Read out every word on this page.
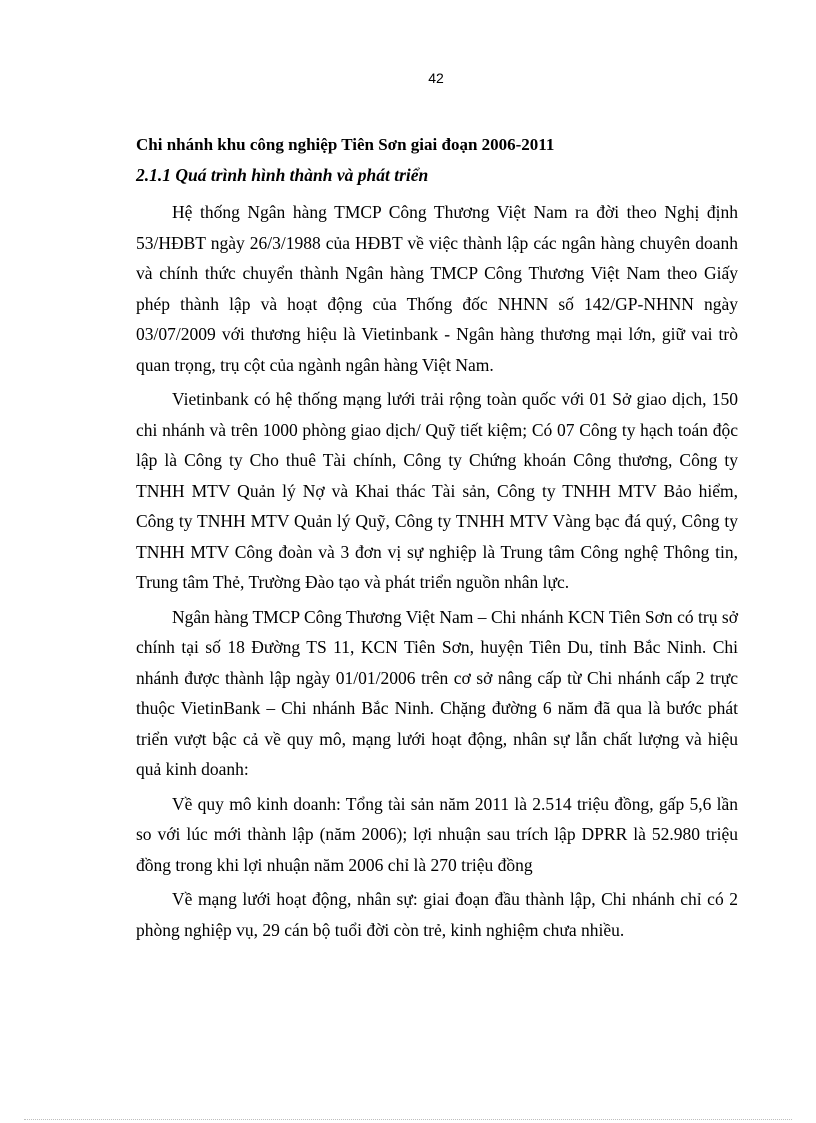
42
Chi nhánh khu công nghiệp Tiên Sơn giai đoạn 2006-2011
2.1.1 Quá trình hình thành và phát triển

Hệ thống Ngân hàng TMCP Công Thương Việt Nam ra đời theo Nghị định 53/HĐBT ngày 26/3/1988 của HĐBT về việc thành lập các ngân hàng chuyên doanh và chính thức chuyển thành Ngân hàng TMCP Công Thương Việt Nam theo Giấy phép thành lập và hoạt động của Thống đốc NHNN số 142/GP-NHNN ngày 03/07/2009 với thương hiệu là Vietinbank - Ngân hàng thương mại lớn, giữ vai trò quan trọng, trụ cột của ngành ngân hàng Việt Nam.

Vietinbank có hệ thống mạng lưới trải rộng toàn quốc với 01 Sở giao dịch, 150 chi nhánh và trên 1000 phòng giao dịch/ Quỹ tiết kiệm; Có 07 Công ty hạch toán độc lập là Công ty Cho thuê Tài chính, Công ty Chứng khoán Công thương, Công ty TNHH MTV Quản lý Nợ và Khai thác Tài sản, Công ty TNHH MTV Bảo hiểm, Công ty TNHH MTV Quản lý Quỹ, Công ty TNHH MTV Vàng bạc đá quý, Công ty TNHH MTV Công đoàn và 3 đơn vị sự nghiệp là Trung tâm Công nghệ Thông tin, Trung tâm Thẻ, Trường Đào tạo và phát triển nguồn nhân lực.

Ngân hàng TMCP Công Thương Việt Nam – Chi nhánh KCN Tiên Sơn có trụ sở chính tại số 18 Đường TS 11, KCN Tiên Sơn, huyện Tiên Du, tỉnh Bắc Ninh. Chi nhánh được thành lập ngày 01/01/2006 trên cơ sở nâng cấp từ Chi nhánh cấp 2 trực thuộc VietinBank – Chi nhánh Bắc Ninh. Chặng đường 6 năm đã qua là bước phát triển vượt bậc cả về quy mô, mạng lưới hoạt động, nhân sự lẫn chất lượng và hiệu quả kinh doanh:

Về quy mô kinh doanh: Tổng tài sản năm 2011 là 2.514 triệu đồng, gấp 5,6 lần so với lúc mới thành lập (năm 2006); lợi nhuận sau trích lập DPRR là 52.980 triệu đồng trong khi lợi nhuận năm 2006 chỉ là 270 triệu đồng

Về mạng lưới hoạt động, nhân sự: giai đoạn đầu thành lập, Chi nhánh chỉ có 2 phòng nghiệp vụ, 29 cán bộ tuổi đời còn trẻ, kinh nghiệm chưa nhiều.
